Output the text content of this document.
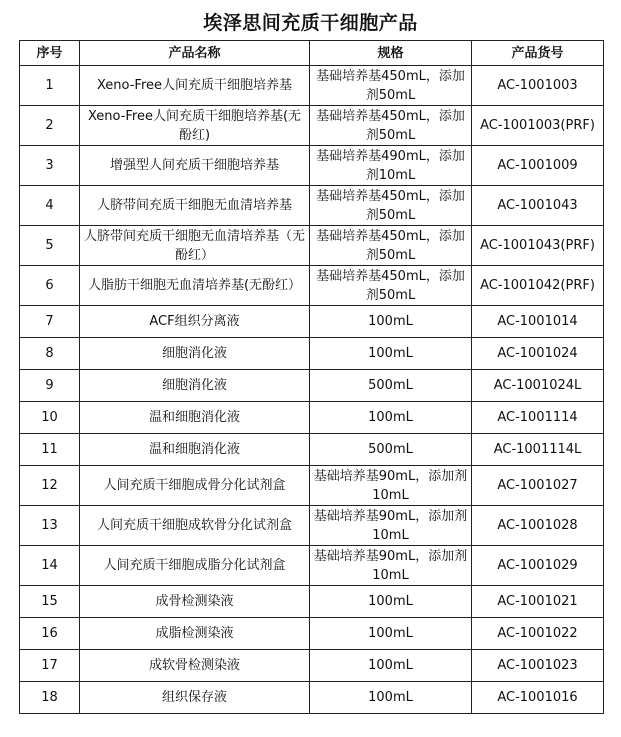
埃泽思间充质干细胞产品
序号	产品名称	规格	产品货号
1	Xeno-Free人间充质干细胞培养基	基础培养基450mL，添加剂50mL	AC-1001003
2	Xeno-Free人间充质干细胞培养基(无酚红)	基础培养基450mL，添加剂50mL	AC-1001003(PRF)
3	增强型人间充质干细胞培养基	基础培养基490mL，添加剂10mL	AC-1001009
4	人脐带间充质干细胞无血清培养基	基础培养基450mL，添加剂50mL	AC-1001043
5	人脐带间充质干细胞无血清培养基（无酚红）	基础培养基450mL，添加剂50mL	AC-1001043(PRF)
6	人脂肪干细胞无血清培养基(无酚红）	基础培养基450mL，添加剂50mL	AC-1001042(PRF)
7	ACF组织分离液	100mL	AC-1001014
8	细胞消化液	100mL	AC-1001024
9	细胞消化液	500mL	AC-1001024L
10	温和细胞消化液	100mL	AC-1001114
11	温和细胞消化液	500mL	AC-1001114L
12	人间充质干细胞成骨分化试剂盒	基础培养基90mL，添加剂10mL	AC-1001027
13	人间充质干细胞成软骨分化试剂盒	基础培养基90mL，添加剂10mL	AC-1001028
14	人间充质干细胞成脂分化试剂盒	基础培养基90mL，添加剂10mL	AC-1001029
15	成骨检测染液	100mL	AC-1001021
16	成脂检测染液	100mL	AC-1001022
17	成软骨检测染液	100mL	AC-1001023
18	组织保存液	100mL	AC-1001016
